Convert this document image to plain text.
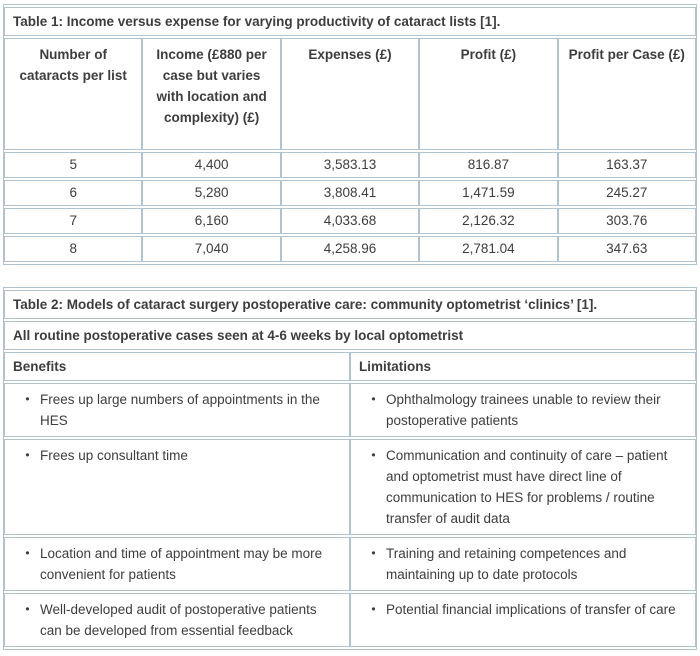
Table 1: Income versus expense for varying productivity of cataract lists [1].				
Number of cataracts per list	Income (£880 per case but varies with location and complexity) (£)	Expenses (£)	Profit (£)	Profit per Case (£)
5	4,400	3,583.13	816.87	163.37
6	5,280	3,808.41	1,471.59	245.27
7	6,160	4,033.68	2,126.32	303.76
8	7,040	4,258.96	2,781.04	347.63
Table 2: Models of cataract surgery postoperative care: community optometrist ‘clinics’ [1].	
All routine postoperative cases seen at 4-6 weeks by local optometrist	
Benefits	Limitations

• Frees up large numbers of appointments in the HES	• Ophthalmology trainees unable to review their postoperative patients

• Frees up consultant time	• Communication and continuity of care – patient and optometrist must have direct line of communication to HES for problems / routine transfer of audit data

• Location and time of appointment may be more convenient for patients	• Training and retaining competences and maintaining up to date protocols

• Well-developed audit of postoperative patients can be developed from essential feedback	• Potential financial implications of transfer of care
